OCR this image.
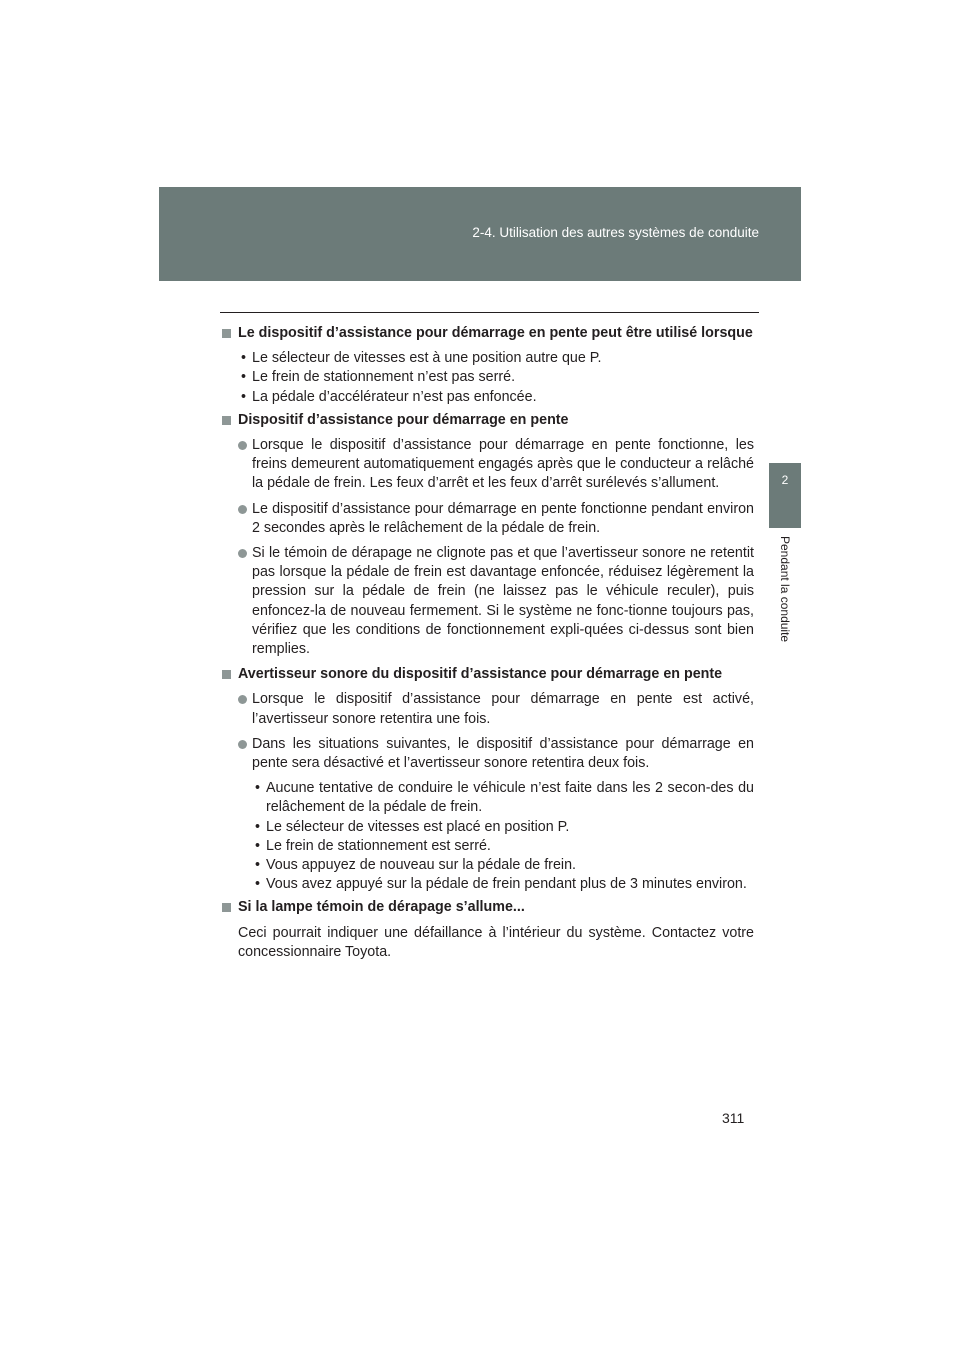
2-4. Utilisation des autres systèmes de conduite
2
Pendant la conduite
Le dispositif d’assistance pour démarrage en pente peut être utilisé lorsque
• Le sélecteur de vitesses est à une position autre que P.
• Le frein de stationnement n’est pas serré.
• La pédale d’accélérateur n’est pas enfoncée.
Dispositif d’assistance pour démarrage en pente
Lorsque le dispositif d’assistance pour démarrage en pente fonctionne, les freins demeurent automatiquement engagés après que le conducteur a relâché la pédale de frein. Les feux d’arrêt et les feux d’arrêt surélevés s’allument.
Le dispositif d’assistance pour démarrage en pente fonctionne pendant environ 2 secondes après le relâchement de la pédale de frein.
Si le témoin de dérapage ne clignote pas et que l’avertisseur sonore ne retentit pas lorsque la pédale de frein est davantage enfoncée, réduisez légèrement la pression sur la pédale de frein (ne laissez pas le véhicule reculer), puis enfoncez-la de nouveau fermement. Si le système ne fonc-tionne toujours pas, vérifiez que les conditions de fonctionnement expli-quées ci-dessus sont bien remplies.
Avertisseur sonore du dispositif d’assistance pour démarrage en pente
Lorsque le dispositif d’assistance pour démarrage en pente est activé, l’avertisseur sonore retentira une fois.
Dans les situations suivantes, le dispositif d’assistance pour démarrage en pente sera désactivé et l’avertisseur sonore retentira deux fois.
• Aucune tentative de conduire le véhicule n’est faite dans les 2 secon-des du relâchement de la pédale de frein.
• Le sélecteur de vitesses est placé en position P.
• Le frein de stationnement est serré.
• Vous appuyez de nouveau sur la pédale de frein.
• Vous avez appuyé sur la pédale de frein pendant plus de 3 minutes environ.
Si la lampe témoin de dérapage s’allume...
Ceci pourrait indiquer une défaillance à l’intérieur du système. Contactez votre concessionnaire Toyota.
311
